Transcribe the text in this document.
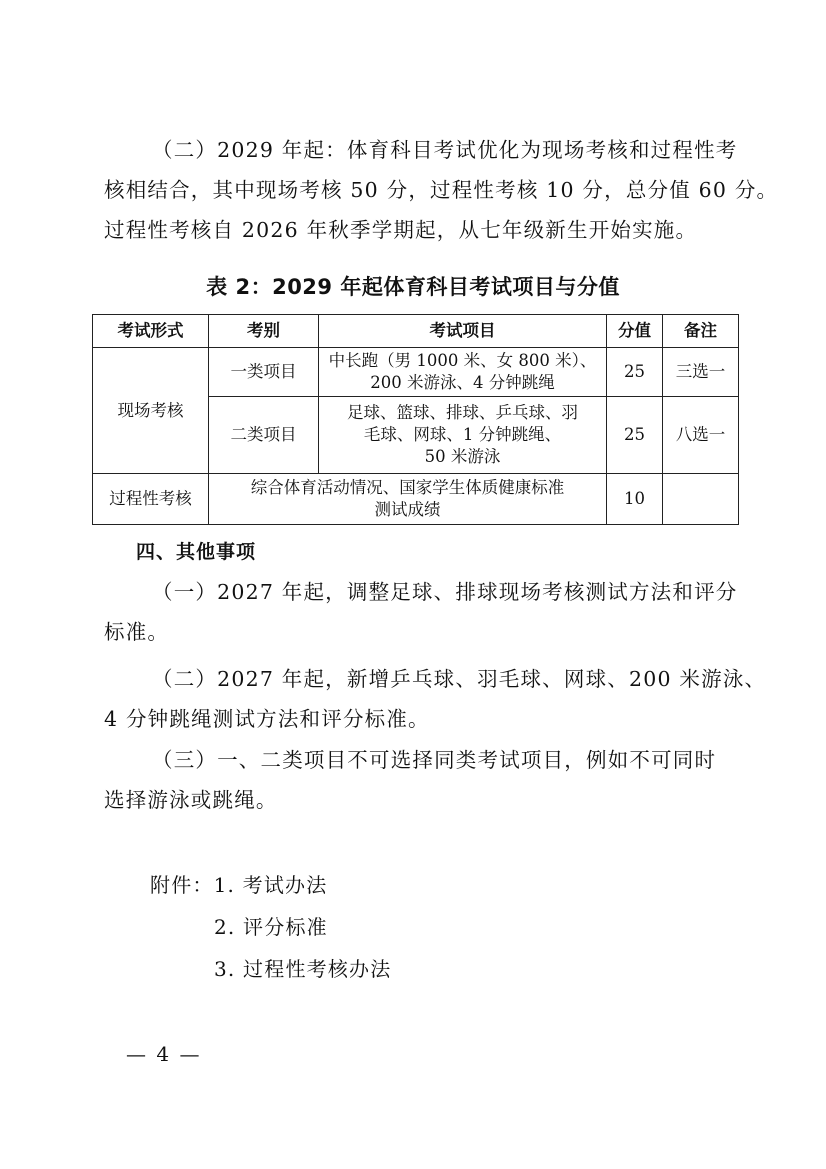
（二）2029 年起：体育科目考试优化为现场考核和过程性考
核相结合，其中现场考核 50 分，过程性考核 10 分，总分值 60 分。
过程性考核自 2026 年秋季学期起，从七年级新生开始实施。
表 2：2029 年起体育科目考试项目与分值
考试形式	考别	考试项目	分值	备注
现场考核	一类项目	中长跑（男 1000 米、女 800 米）、
200 米游泳、4 分钟跳绳	25	三选一
	二类项目	足球、篮球、排球、乒乓球、羽
毛球、网球、1 分钟跳绳、
50 米游泳	25	八选一
过程性考核	综合体育活动情况、国家学生体质健康标准
测试成绩		10	
四、其他事项
（一）2027 年起，调整足球、排球现场考核测试方法和评分
标准。
（二）2027 年起，新增乒乓球、羽毛球、网球、200 米游泳、
4 分钟跳绳测试方法和评分标准。
（三）一、二类项目不可选择同类考试项目，例如不可同时
选择游泳或跳绳。
附件：1. 考试办法
2. 评分标准
3. 过程性考核办法
— 4 —
